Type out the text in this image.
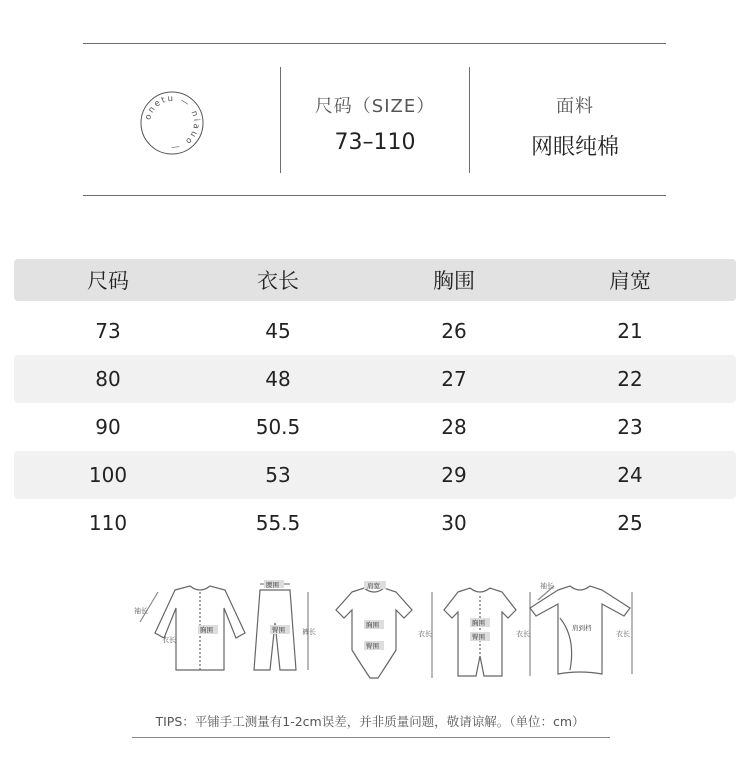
onetu — niauo —
尺码（SIZE）
73–110
面料
网眼纯棉
尺码	衣长	胸围	肩宽
73	45	26	21
80	48	27	22
90	50.5	28	23
100	53	29	24
110	55.5	30	25
袖长
衣长
胸围
腰围
臀围 裤长
肩宽
胸围
臀围
衣长
胸围
臀围	衣长
袖长
肩到档
衣长
TIPS：平铺手工测量有1-2cm误差，并非质量问题，敬请谅解。（单位：cm）
